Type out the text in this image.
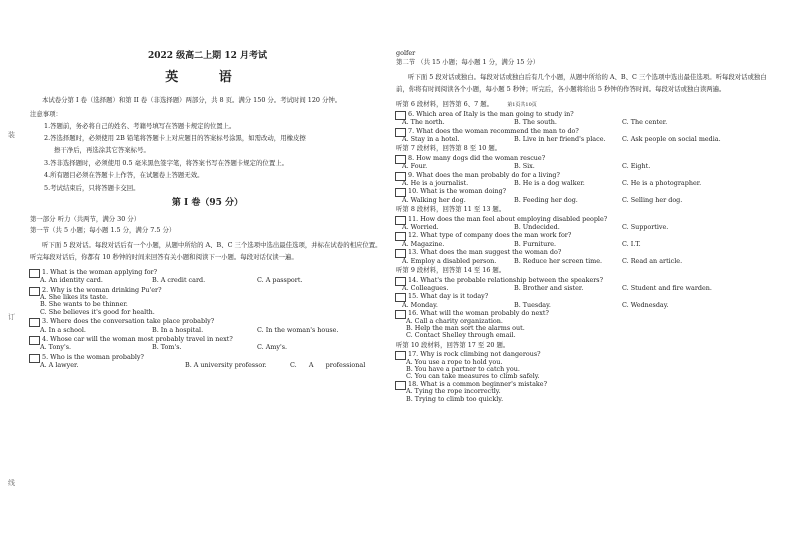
装
订
线
2022 级高二上期 12 月考试
英 语

本试卷分第 I 卷（选择题）和第 II 卷（非选择题）两部分，共 8 页。满分 150 分。考试时间 120 分钟。

注意事项：

1.答题前，务必将自己的姓名、考籍号填写在答题卡规定的位置上。

2.答选择题时，必须使用 2B 铅笔将答题卡上对应题目的答案标号涂黑，如需改动，用橡皮擦

擦干净后，再选涂其它答案标号。

3.答非选择题时，必须使用 0.5 毫米黑色签字笔，将答案书写在答题卡规定的位置上。

4.所有题目必须在答题卡上作答，在试题卷上答题无效。

5.考试结束后，只将答题卡交回。

第 I 卷（95 分）

第一部分 听力（共两节，满分 30 分）

第一节（共 5 小题；每小题 1.5 分，满分 7.5 分）

听下面 5 段对话。每段对话后有一个小题，从题中所给的 A、B、C 三个选项中选出最佳选项，并标在试卷的相应位置。听完每段对话后，你都有 10 秒钟的时间来回答有关小题和阅读下一小题。每段对话仅读一遍。

1. What is the woman applying for?

A. An identity card.	B. A credit card.	C. A passport.

2. Why is the woman drinking Pu'er?

A. She likes its taste.

B. She wants to be thinner.

C. She believes it's good for health.

3. Where does the conversation take place probably?

A. In a school.	B. In a hospital.	C. In the woman's house.

4. Whose car will the woman most probably travel in next?

A. Tony's.	B. Tom's.	C. Amy's.

5. Who is the woman probably?

A. A lawyer.	B. A university professor.	C.      A      professional

golfer

第二节 （共 15 小题；每小题 1 分，满分 15 分）

听下面 5 段对话或独白。每段对话或独白后有几个小题，从题中所给的 A、B、C 三个选项中选出最佳选项。听每段对话或独白前，你将有时间阅读各个小题，每小题 5 秒钟；听完后，各小题将给出 5 秒钟的作答时间。每段对话或独白读两遍。

听第 6 段材料，回答第 6、7 题。	第1页共10页

6. Which area of Italy is the man going to study in?

A. The north.	B. The south.	C. The center.

7. What does the woman recommend the man to do?

A. Stay in a hotel.	B. Live in her friend's place.	C. Ask people on social media.

听第 7 段材料，回答第 8 至 10 题。

8. How many dogs did the woman rescue?

A. Four.	B. Six.	C. Eight.

9. What does the man probably do for a living?

A. He is a journalist.	B. He is a dog walker.	C. He is a photographer.

10. What is the woman doing?

A. Walking her dog.	B. Feeding her dog.	C. Selling her dog.

听第 8 段材料，回答第 11 至 13 题。

11. How does the man feel about employing disabled people?

A. Worried.	B. Undecided.	C. Supportive.

12. What type of company does the man work for?

A. Magazine.	B. Furniture.	C. I.T.

13. What does the man suggest the woman do?

A. Employ a disabled person.	B. Reduce her screen time.	C. Read an article.

听第 9 段材料，回答第 14 至 16 题。

14. What's the probable relationship between the speakers?

A. Colleagues.	B. Brother and sister.	C. Student and fire warden.

15. What day is it today?

A. Monday.	B. Tuesday.	C. Wednesday.

16. What will the woman probably do next?

A. Call a charity organization.

B. Help the man sort the alarms out.

C. Contact Shelley through email.

听第 10 段材料，回答第 17 至 20 题。

17. Why is rock climbing not dangerous?

A. You use a rope to hold you.

B. You have a partner to catch you.

C. You can take measures to climb safely.

18. What is a common beginner's mistake?

A. Tying the rope incorrectly.

B. Trying to climb too quickly.
